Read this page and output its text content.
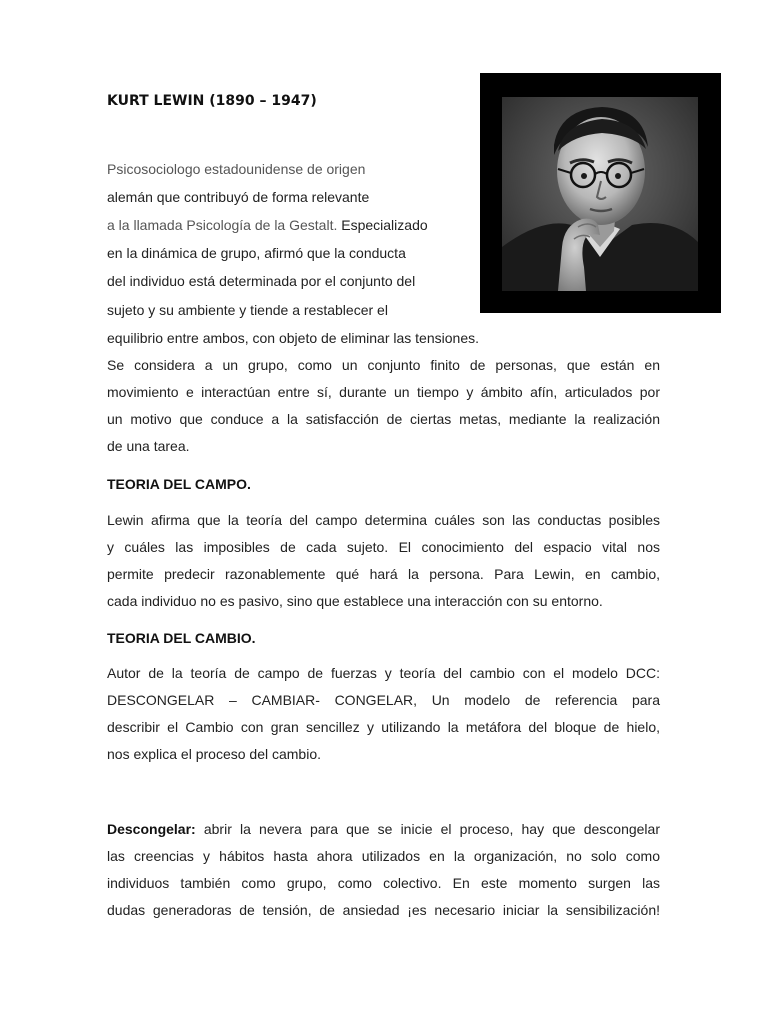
KURT LEWIN (1890 – 1947)

Psicosociologo estadounidense de origen

alemán que contribuyó de forma relevante

a la llamada Psicología de la Gestalt. Especializado

en la dinámica de grupo, afirmó que la conducta

del individuo está determinada por el conjunto del

sujeto y su ambiente y tiende a restablecer el

equilibrio entre ambos, con objeto de eliminar las tensiones.

Se considera a un grupo, como un conjunto finito de personas, que están en
movimiento e interactúan entre sí, durante un tiempo y ámbito afín, articulados por
un motivo que conduce a la satisfacción de ciertas metas, mediante la realización
de una tarea.
TEORIA DEL CAMPO.
Lewin afirma que la teoría del campo determina cuáles son las conductas posibles
y cuáles las imposibles de cada sujeto. El conocimiento del espacio vital nos
permite predecir razonablemente qué hará la persona. Para Lewin, en cambio,
cada individuo no es pasivo, sino que establece una interacción con su entorno.
TEORIA DEL CAMBIO.
Autor de la teoría de campo de fuerzas y teoría del cambio con el modelo DCC:
DESCONGELAR – CAMBIAR- CONGELAR, Un modelo de referencia para
describir el Cambio con gran sencillez y utilizando la metáfora del bloque de hielo,
nos explica el proceso del cambio.
Descongelar: abrir la nevera para que se inicie el proceso, hay que descongelar
las creencias y hábitos hasta ahora utilizados en la organización, no solo como
individuos también como grupo, como colectivo. En este momento surgen las
dudas generadoras de tensión, de ansiedad ¡es necesario iniciar la sensibilización!
